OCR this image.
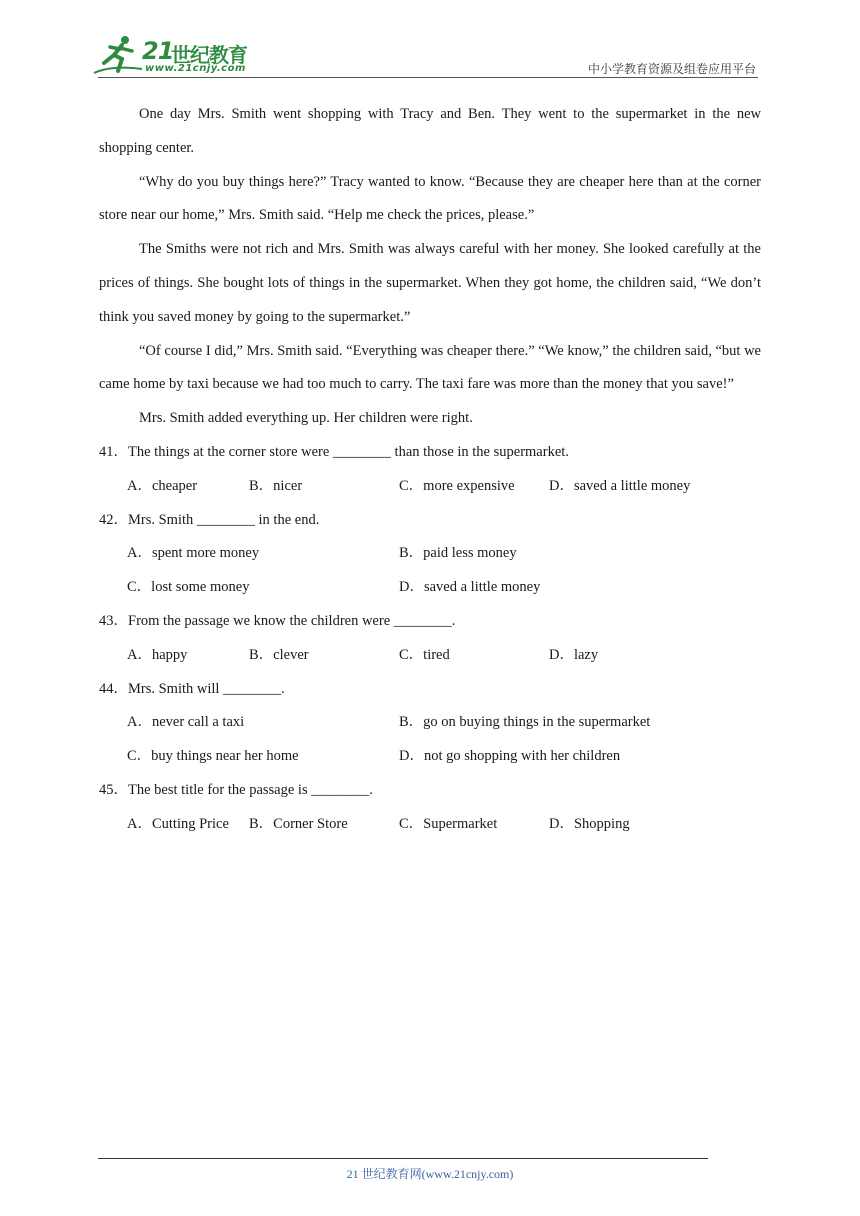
21
世纪教育
www.21cnjy.com	中小学教育资源及组卷应用平台

One day Mrs. Smith went shopping with Tracy and Ben. They went to the supermarket in the new shopping center.

“Why do you buy things here?” Tracy wanted to know. “Because they are cheaper here than at the corner store near our home,” Mrs. Smith said. “Help me check the prices, please.”

The Smiths were not rich and Mrs. Smith was always careful with her money. She looked carefully at the prices of things. She bought lots of things in the supermarket. When they got home, the children said, “We don’t think you saved money by going to the supermarket.”

“Of course I did,” Mrs. Smith said. “Everything was cheaper there.” “We know,” the children said, “but we came home by taxi because we had too much to carry. The taxi fare was more than the money that you save!”

Mrs. Smith added everything up. Her children were right.

41．The things at the corner store were ________ than those in the supermarket.

A．cheaper	B．nicer	C．more expensive D．saved a little money

42．Mrs. Smith ________ in the end.

A．spent more money	B．paid less money
C．lost some money	D．saved a little money

43．From the passage we know the children were ________.

A．happy	B．clever	C．tired	D．lazy

44．Mrs. Smith will ________.

A．never call a taxi	B．go on buying things in the supermarket
C．buy things near her home	D．not go shopping with her children

45．The best title for the passage is ________.

A．Cutting Price B．Corner Store	C．Supermarket	D．Shopping
21 世纪教育网(www.21cnjy.com)
